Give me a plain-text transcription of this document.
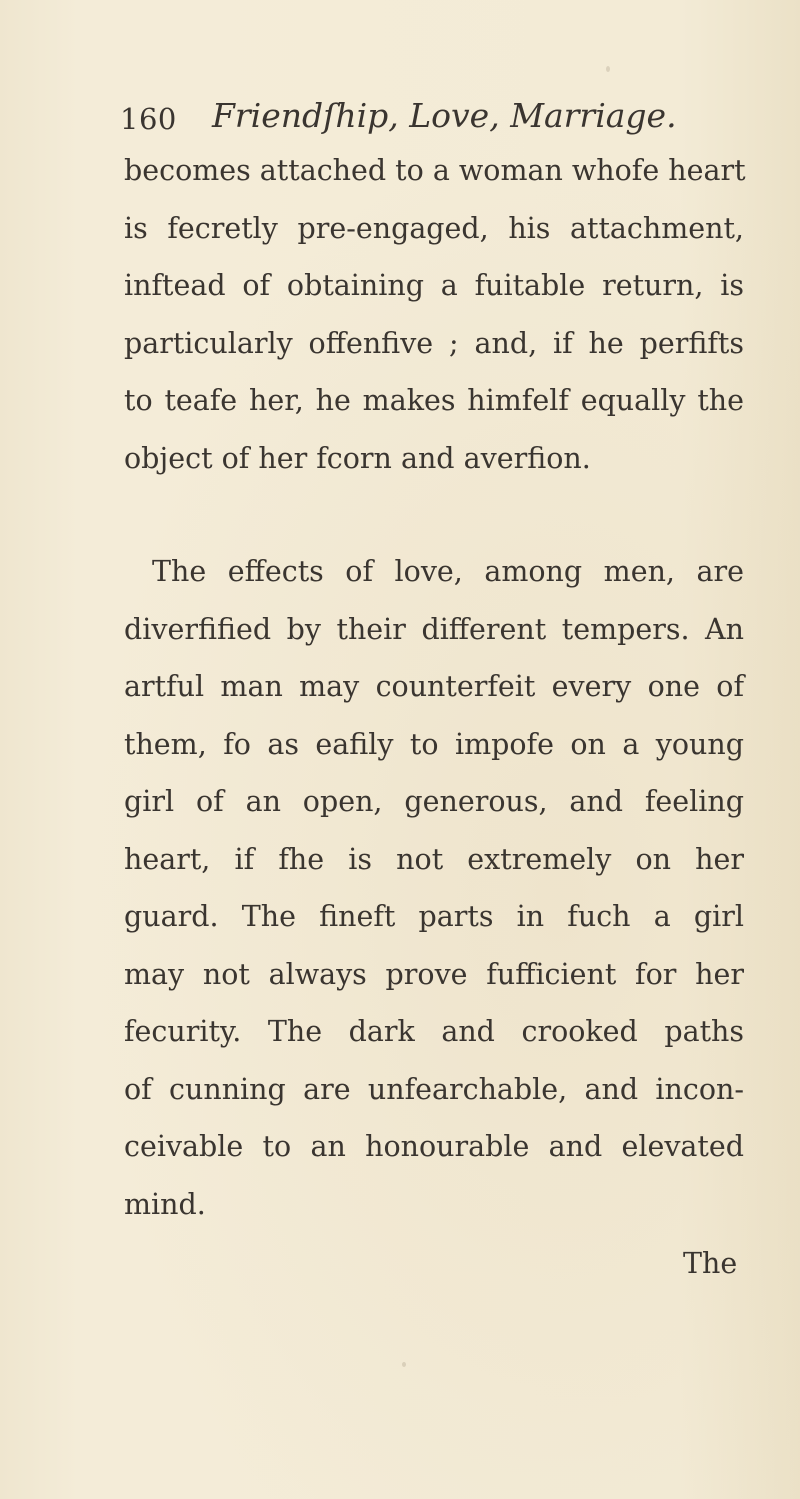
160 Friendſhip, Love, Marriage.
becomes attached to a woman whofe heart
is fecretly pre-engaged, his attachment,
inftead of obtaining a fuitable return, is
particularly offenfive ; and, if he perfifts
to teafe her, he makes himfelf equally the
object of her fcorn and averfion.
The effects of love, among men, are
diverfified by their different tempers. An
artful man may counterfeit every one of
them, fo as eafily to impofe on a young
girl of an open, generous, and feeling
heart, if fhe is not extremely on her
guard. The fineft parts in fuch a girl
may not always prove fufficient for her
fecurity. The dark and crooked paths
of cunning are unfearchable, and incon-
ceivable to an honourable and elevated
mind.
The
